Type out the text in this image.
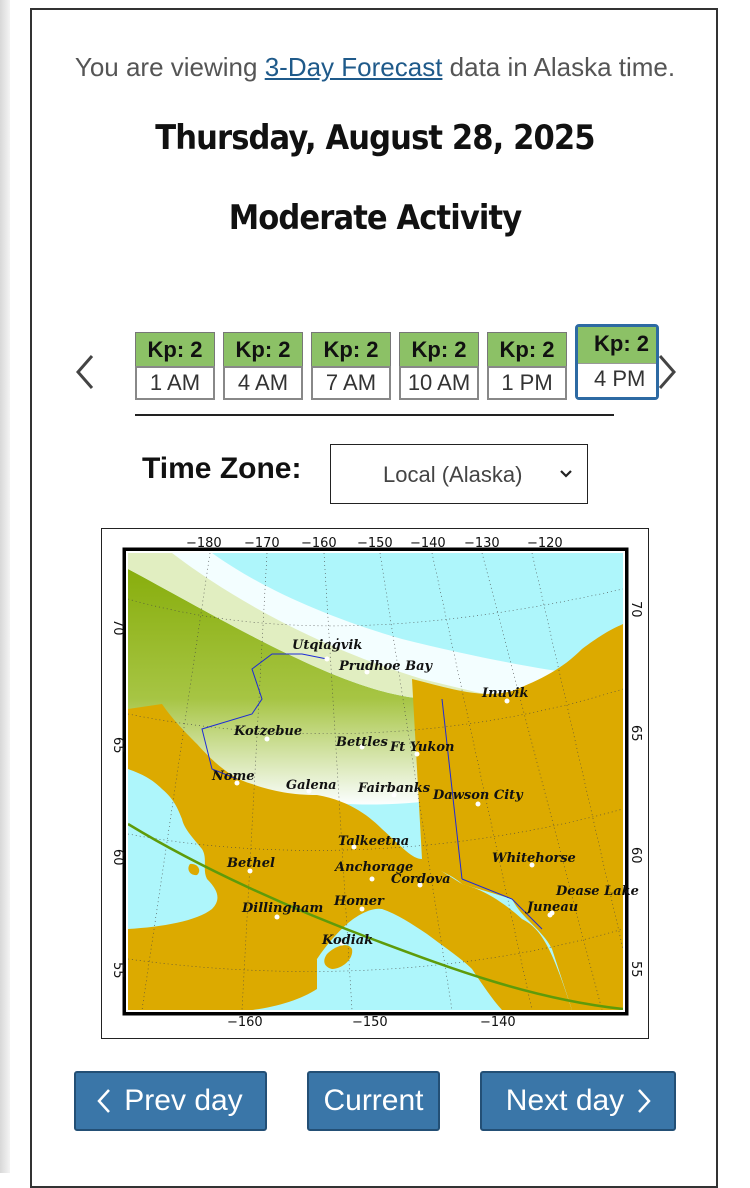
You are viewing 3-Day Forecast data in Alaska time.
Thursday, August 28, 2025
Moderate Activity
Kp: 2
1 AM
Kp: 2
4 AM
Kp: 2
7 AM
Kp: 2
10 AM
Kp: 2
1 PM
Kp: 2
4 PM
Time Zone:	Local (Alaska)
−180 −170 −160 −150 −140 −130 −120
−160	−150	−140
70
65
60
55
70
65
60
55
Utqiaġvik
Prudhoe Bay
Inuvik
Kotzebue
Bettles Ft Yukon
Nome
Galena Fairbanks Dawson City
Talkeetna
Whitehorse
Bethel	Anchorage
Cordova
Dease Lake
Dillingham Homer	Juneau
Kodiak
Prev day	Current	Next day
